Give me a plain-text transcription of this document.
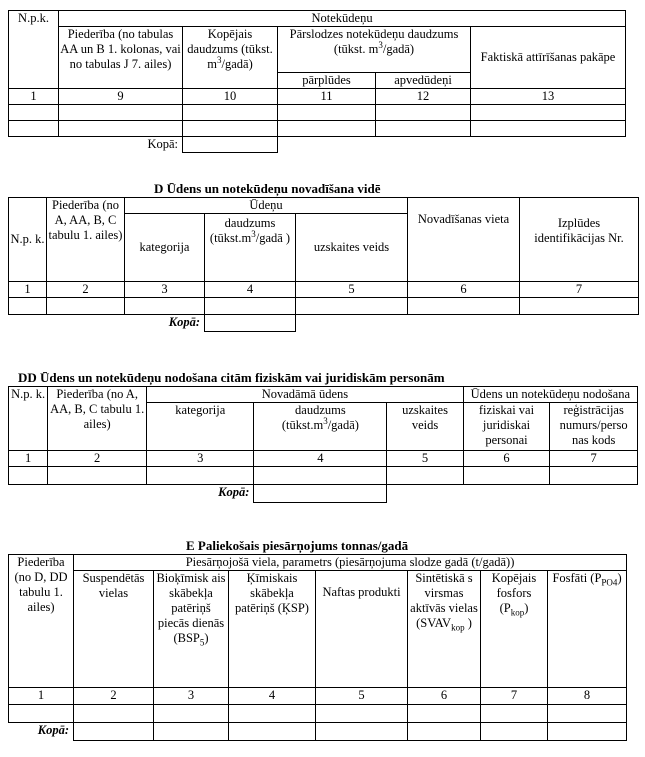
N.p.k.	Notekūdeņu				
	Piederība (no tabulas AA un B 1. kolonas, vai no tabulas J 7. ailes)	Kopējais daudzums (tūkst. $m^3/gadā$)	Pārslodzes notekūdeņu daudzums (tūkst. $m^3/gadā$)		Faktiskā attīrīšanas pakāpe
			pārplūdes	apvedūdeņi	
1	9	10	11	12	13

	Kopā:				
D Ūdens un notekūdeņu novadīšana vidē
N.p. k.	Piederība (no A, AA, B, C tabulu 1. ailes)	Ūdeņu			Novadīšanas vieta	Izplūdes identifikācijas Nr.
		kategorija	daudzums ($tūkst.m^3$/gadā )	uzskaites veids		
1	2	3	4	5	6	7

		Kopā:				
DD Ūdens un notekūdeņu nodošana citām fiziskām vai juridiskām personām
N.p. k.	Piederība (no A, AA, B, C tabulu 1. ailes)	Novadāmā ūdens			Ūdens un notekūdeņu nodošana	
		kategorija	daudzums $(tūkst.m^3/gadā)$	uzskaites veids	fiziskai vai juridiskai personai	reģistrācijas numurs/perso nas kods
1	2	3	4	5	6	7

		Kopā:				
E Paliekošais piesārņojums tonnas/gadā
Piederība (no D, DD tabulu 1. ailes)	Piesārņojošā viela, parametrs (piesārņojuma slodze gadā (t/gadā))						
	Suspendētās vielas	Bioķīmisk ais skābekļa patēriņš piecās dienās $(BSP_5)$	Ķīmiskais skābekļa patēriņš (ĶSP)	Naftas produkti	Sintētiskā s virsmas aktīvās vielas ($SVAV_{kop}$ )	Kopējais fosfors $(P_{kop})$	Fosfāti $(P_{PO4})$
1	2	3	4	5	6	7	8

Kopā:							
